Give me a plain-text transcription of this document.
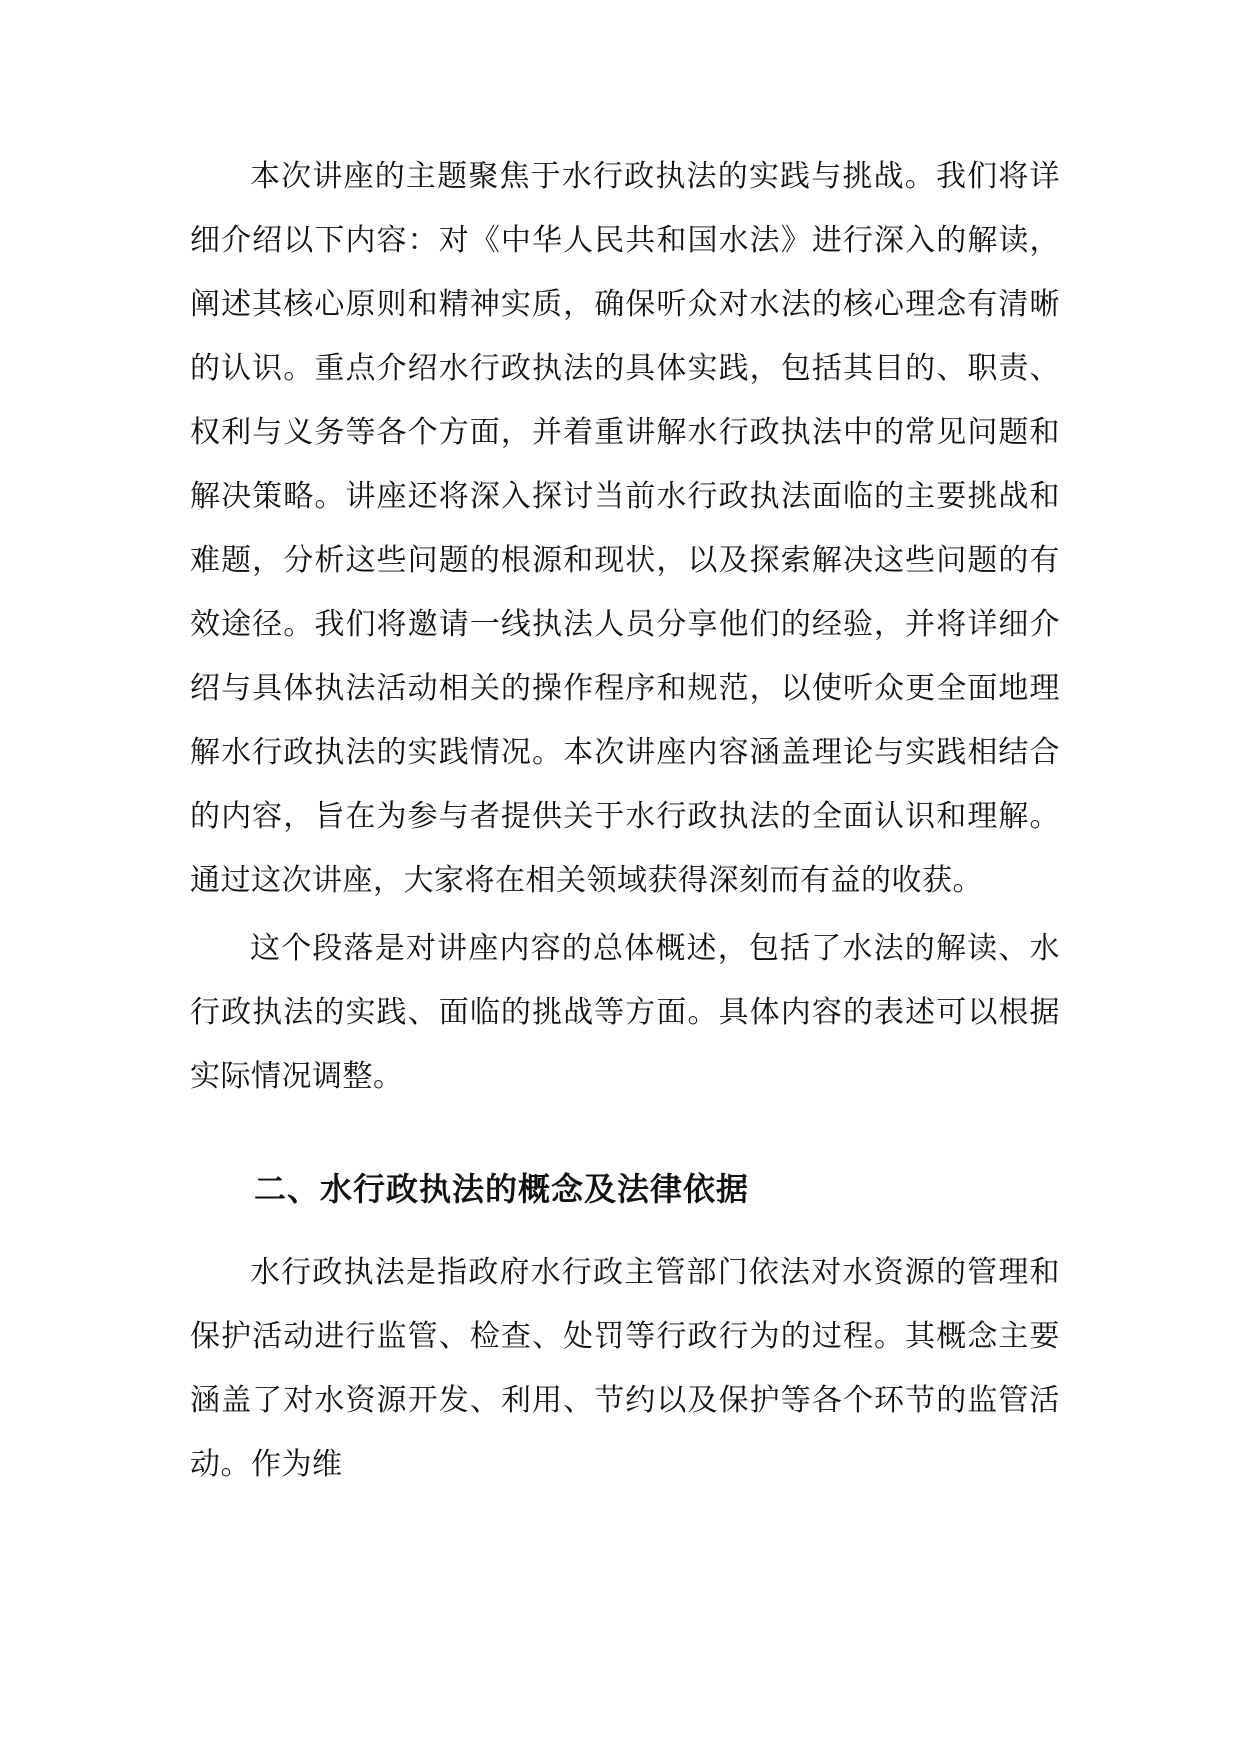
本次讲座的主题聚焦于水行政执法的实践与挑战。我们将详细介绍以下内容：对《中华人民共和国水法》进行深入的解读，阐述其核心原则和精神实质，确保听众对水法的核心理念有清晰的认识。重点介绍水行政执法的具体实践，包括其目的、职责、权利与义务等各个方面，并着重讲解水行政执法中的常见问题和解决策略。讲座还将深入探讨当前水行政执法面临的主要挑战和难题，分析这些问题的根源和现状，以及探索解决这些问题的有效途径。我们将邀请一线执法人员分享他们的经验，并将详细介绍与具体执法活动相关的操作程序和规范，以使听众更全面地理解水行政执法的实践情况。本次讲座内容涵盖理论与实践相结合的内容，旨在为参与者提供关于水行政执法的全面认识和理解。通过这次讲座，大家将在相关领域获得深刻而有益的收获。

这个段落是对讲座内容的总体概述，包括了水法的解读、水行政执法的实践、面临的挑战等方面。具体内容的表述可以根据实际情况调整。

二、水行政执法的概念及法律依据

水行政执法是指政府水行政主管部门依法对水资源的管理和保护活动进行监管、检查、处罚等行政行为的过程。其概念主要涵盖了对水资源开发、利用、节约以及保护等各个环节的监管活动。作为维
